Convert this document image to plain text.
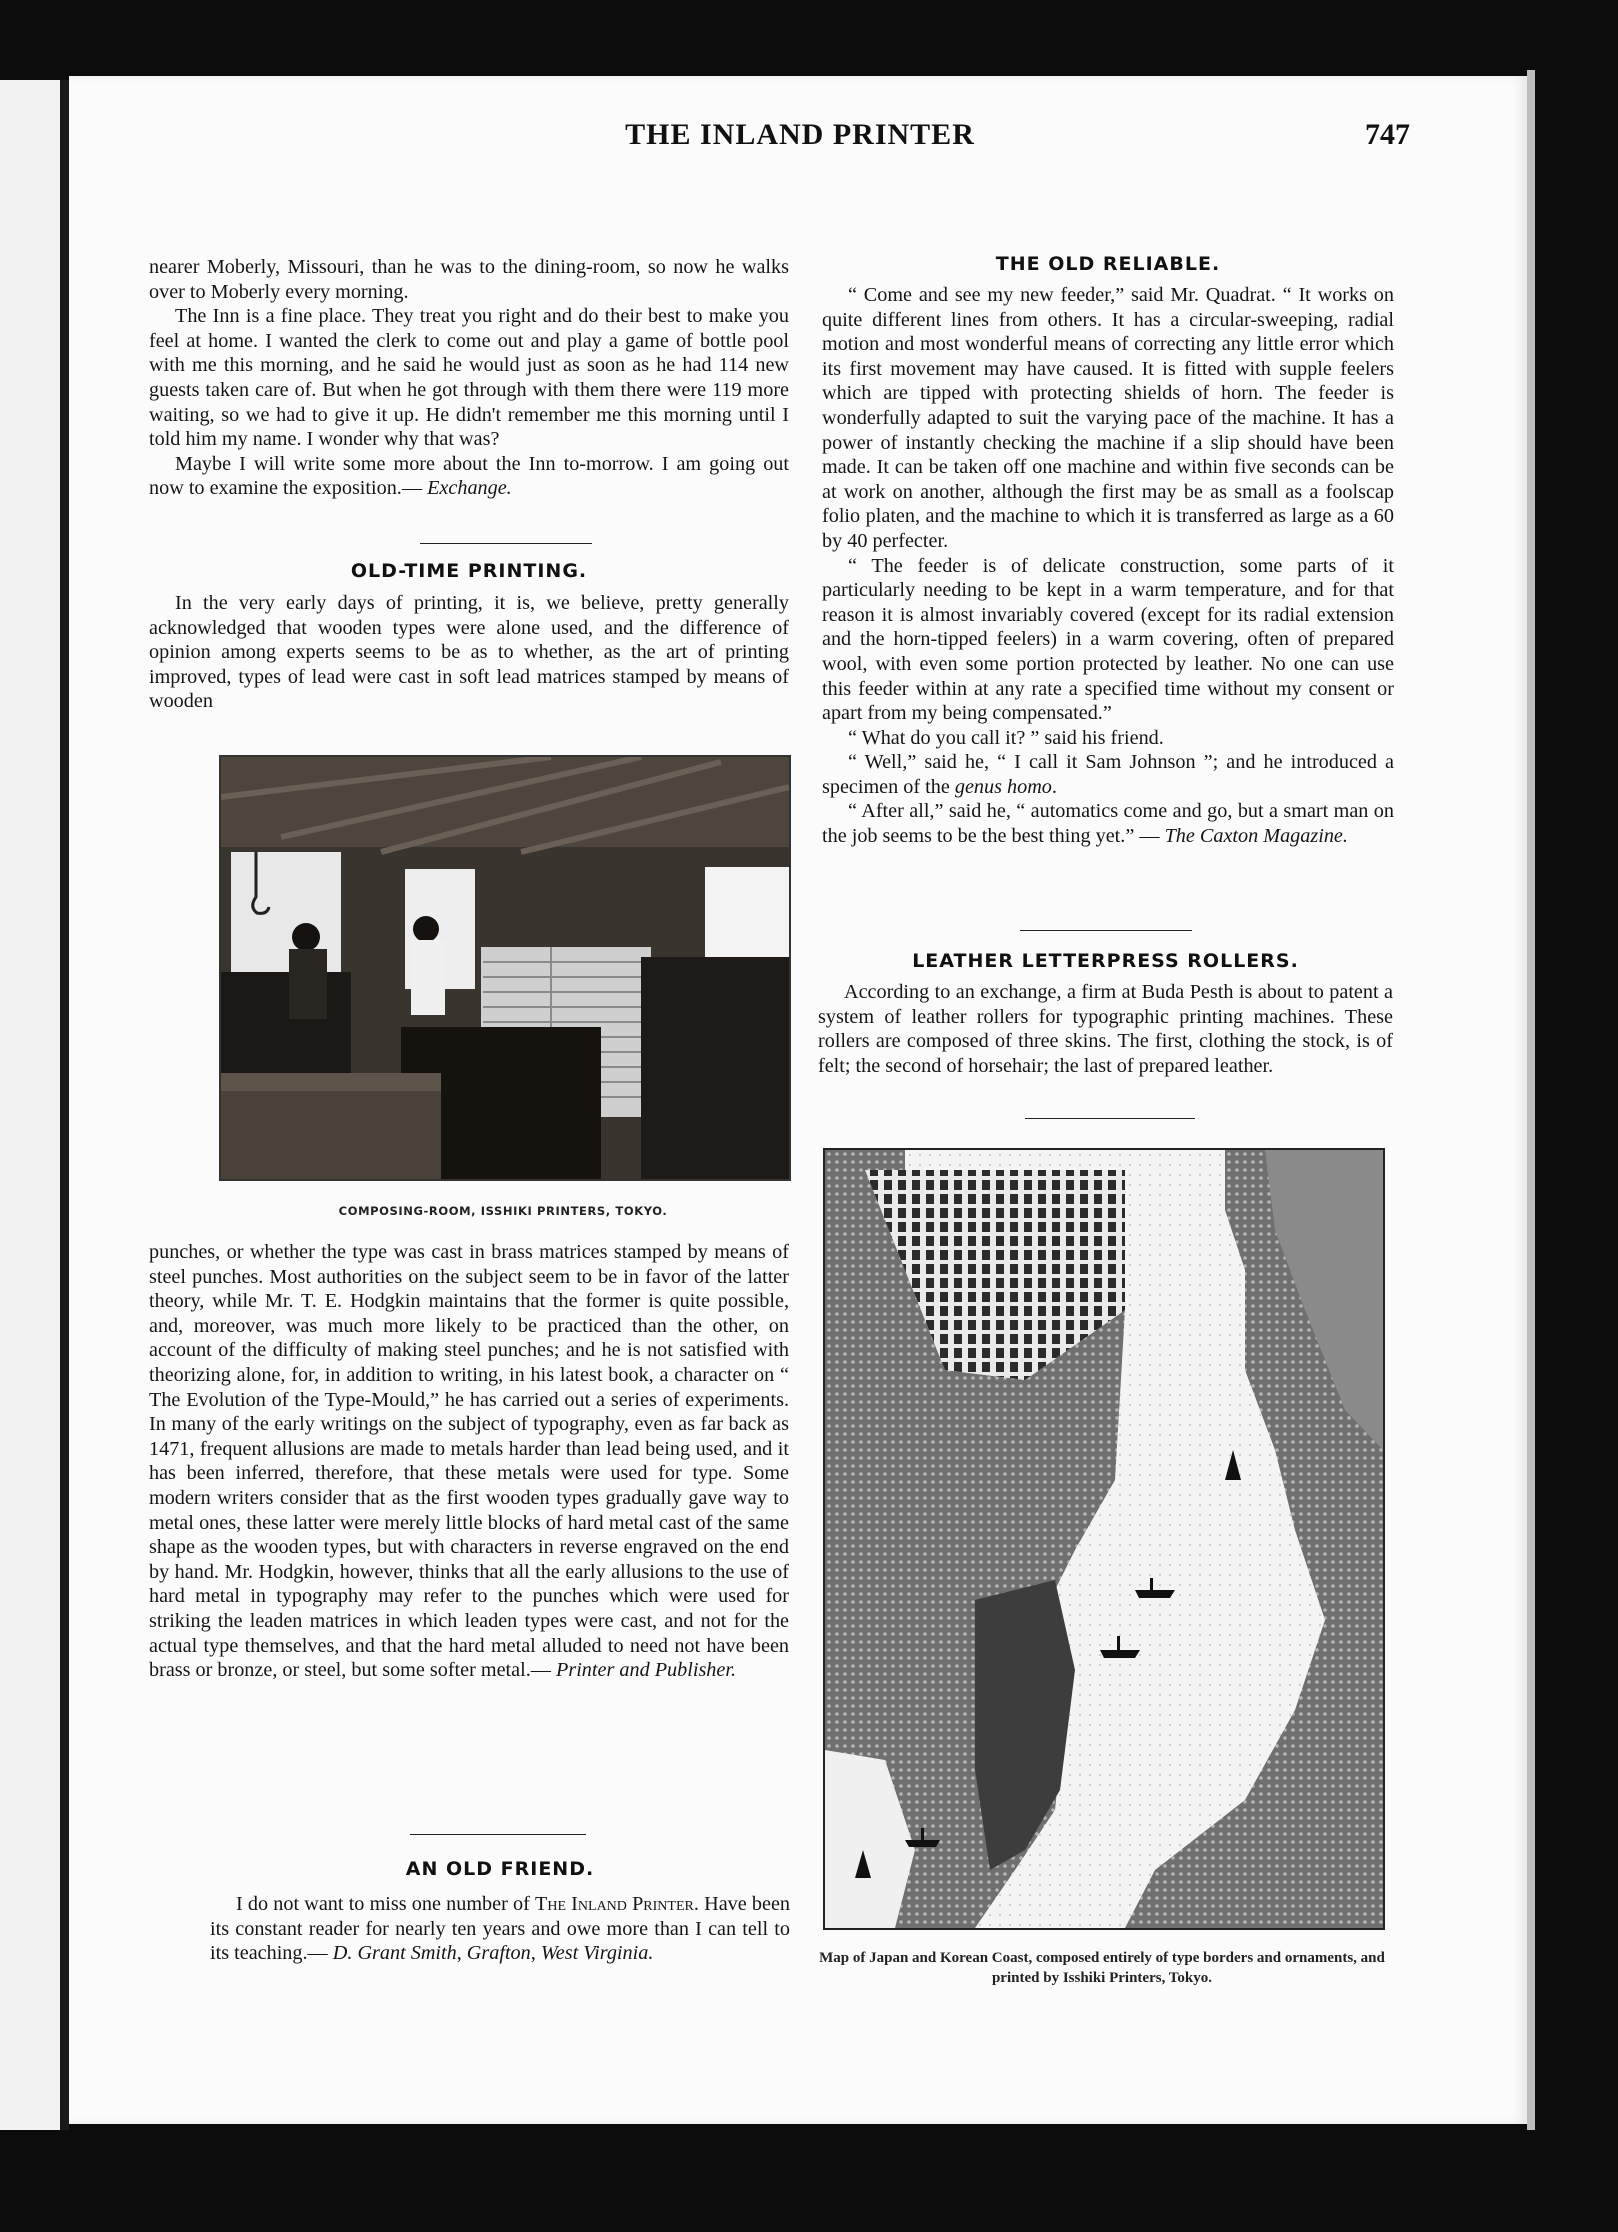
THE INLAND PRINTER	747

nearer Moberly, Missouri, than he was to the dining-room, so now he walks over to Moberly every morning.

The Inn is a fine place. They treat you right and do their best to make you feel at home. I wanted the clerk to come out and play a game of bottle pool with me this morning, and he said he would just as soon as he had 114 new guests taken care of. But when he got through with them there were 119 more waiting, so we had to give it up. He didn't remember me this morning until I told him my name. I wonder why that was?

Maybe I will write some more about the Inn to-morrow. I am going out now to examine the exposition.— Exchange.

OLD-TIME PRINTING.

In the very early days of printing, it is, we believe, pretty generally acknowledged that wooden types were alone used, and the difference of opinion among experts seems to be as to whether, as the art of printing improved, types of lead were cast in soft lead matrices stamped by means of wooden

COMPOSING-ROOM, ISSHIKI PRINTERS, TOKYO.

punches, or whether the type was cast in brass matrices stamped by means of steel punches. Most authorities on the subject seem to be in favor of the latter theory, while Mr. T. E. Hodgkin maintains that the former is quite possible, and, moreover, was much more likely to be practiced than the other, on account of the difficulty of making steel punches; and he is not satisfied with theorizing alone, for, in addition to writing, in his latest book, a character on “ The Evolution of the Type-Mould,” he has carried out a series of experiments. In many of the early writings on the subject of typography, even as far back as 1471, frequent allusions are made to metals harder than lead being used, and it has been inferred, therefore, that these metals were used for type. Some modern writers consider that as the first wooden types gradually gave way to metal ones, these latter were merely little blocks of hard metal cast of the same shape as the wooden types, but with characters in reverse engraved on the end by hand. Mr. Hodgkin, however, thinks that all the early allusions to the use of hard metal in typography may refer to the punches which were used for striking the leaden matrices in which leaden types were cast, and not for the actual type themselves, and that the hard metal alluded to need not have been brass or bronze, or steel, but some softer metal.— Printer and Publisher.

AN OLD FRIEND.

I do not want to miss one number of The Inland Printer. Have been its constant reader for nearly ten years and owe more than I can tell to its teaching.— D. Grant Smith, Grafton, West Virginia.

THE OLD RELIABLE.

“ Come and see my new feeder,” said Mr. Quadrat. “ It works on quite different lines from others. It has a circular-sweeping, radial motion and most wonderful means of correcting any little error which its first movement may have caused. It is fitted with supple feelers which are tipped with protecting shields of horn. The feeder is wonderfully adapted to suit the varying pace of the machine. It has a power of instantly checking the machine if a slip should have been made. It can be taken off one machine and within five seconds can be at work on another, although the first may be as small as a foolscap folio platen, and the machine to which it is transferred as large as a 60 by 40 perfecter.

“ The feeder is of delicate construction, some parts of it particularly needing to be kept in a warm temperature, and for that reason it is almost invariably covered (except for its radial extension and the horn-tipped feelers) in a warm covering, often of prepared wool, with even some portion protected by leather. No one can use this feeder within at any rate a specified time without my consent or apart from my being compensated.”

“ What do you call it? ” said his friend.

“ Well,” said he, “ I call it Sam Johnson ”; and he introduced a specimen of the genus homo.

“ After all,” said he, “ automatics come and go, but a smart man on the job seems to be the best thing yet.” — The Caxton Magazine.

LEATHER LETTERPRESS ROLLERS.

According to an exchange, a firm at Buda Pesth is about to patent a system of leather rollers for typographic printing machines. These rollers are composed of three skins. The first, clothing the stock, is of felt; the second of horsehair; the last of prepared leather.

Map of Japan and Korean Coast, composed entirely of type borders and ornaments, and printed by Isshiki Printers, Tokyo.
